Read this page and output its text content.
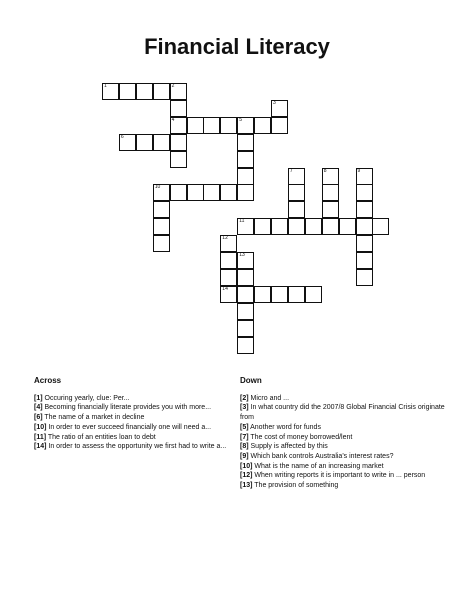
Financial Literacy
1	2
3
4	5
6
7	8	9
10
11
12
13
14
Across

[1] Occuring yearly, clue: Per...

[4] Becoming financially literate provides you with more...

[6] The name of a market in decline

[10] In order to ever succeed financially one will need a...

[11] The ratio of an entities loan to debt

[14] In order to assess the opportunity we first had to write a...

Down

[2] Micro and ...

[3] In what country did the 2007/8 Global Financial Crisis originate from

[5] Another word for funds

[7] The cost of money borrowed/lent

[8] Supply is affected by this

[9] Which bank controls Australia's interest rates?

[10] What is the name of an increasing market

[12] When writing reports it is important to write in ... person

[13] The provision of something
